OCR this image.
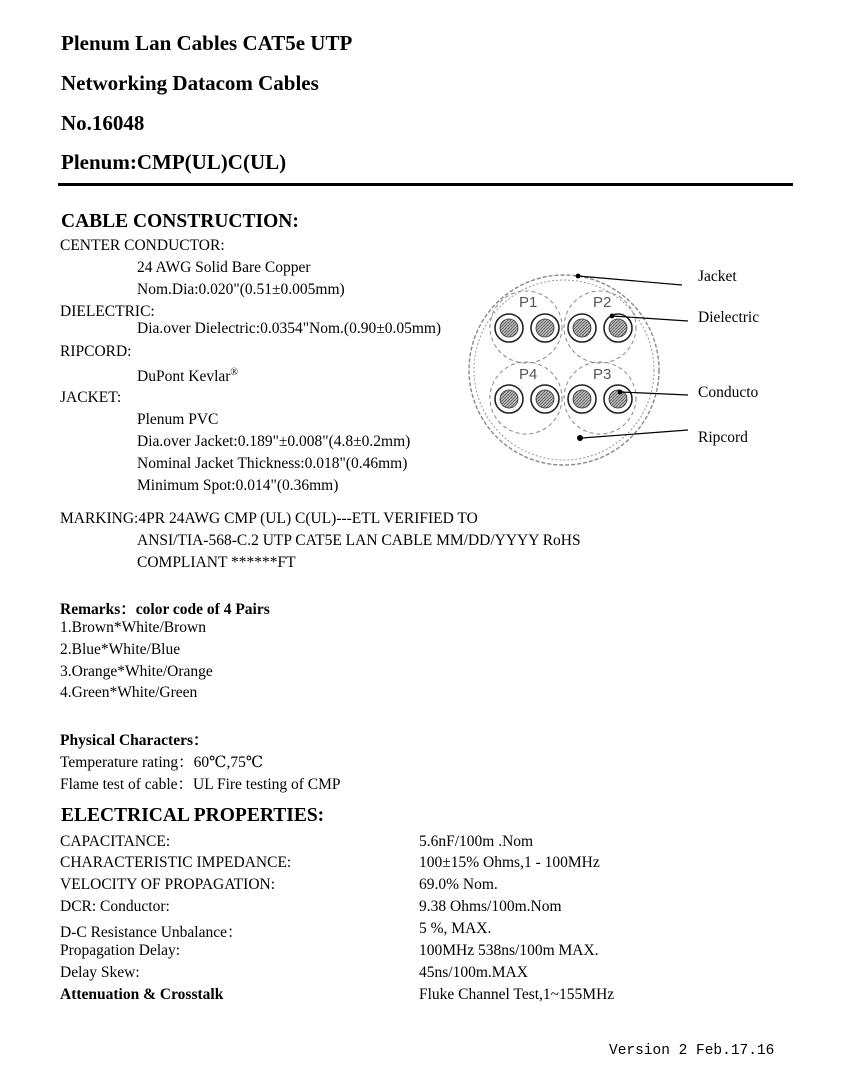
Plenum Lan Cables CAT5e UTP
Networking Datacom Cables
No.16048
Plenum:CMP(UL)C(UL)
CABLE CONSTRUCTION:
CENTER CONDUCTOR:
24 AWG Solid Bare Copper
Nom.Dia:0.020"(0.51±0.005mm)
DIELECTRIC:
Dia.over Dielectric:0.0354"Nom.(0.90±0.05mm)
RIPCORD:
DuPont Kevlar®
JACKET:
Plenum PVC
Dia.over Jacket:0.189"±0.008"(4.8±0.2mm)
Nominal Jacket Thickness:0.018"(0.46mm)
Minimum Spot:0.014"(0.36mm)
MARKING:4PR 24AWG CMP (UL) C(UL)---ETL VERIFIED TO
ANSI/TIA-568-C.2 UTP CAT5E LAN CABLE MM/DD/YYYY RoHS
COMPLIANT ******FT
P1	P2
P4	P3
Jacket
Dielectric
Conducto
Ripcord
Remarks：color code of 4 Pairs
1.Brown*White/Brown
2.Blue*White/Blue
3.Orange*White/Orange
4.Green*White/Green
Physical Characters：
Temperature rating：60℃,75℃
Flame test of cable：UL Fire testing of CMP
ELECTRICAL PROPERTIES:
CAPACITANCE:	5.6nF/100m .Nom
CHARACTERISTIC IMPEDANCE:	100±15% Ohms,1 - 100MHz
VELOCITY OF PROPAGATION:	69.0% Nom.
DCR: Conductor:	9.38 Ohms/100m.Nom
D-C Resistance Unbalance：	5 %, MAX.
Propagation Delay:	100MHz 538ns/100m MAX.
Delay Skew:	45ns/100m.MAX
Attenuation & Crosstalk	Fluke Channel Test,1~155MHz
Version 2 Feb.17.16
